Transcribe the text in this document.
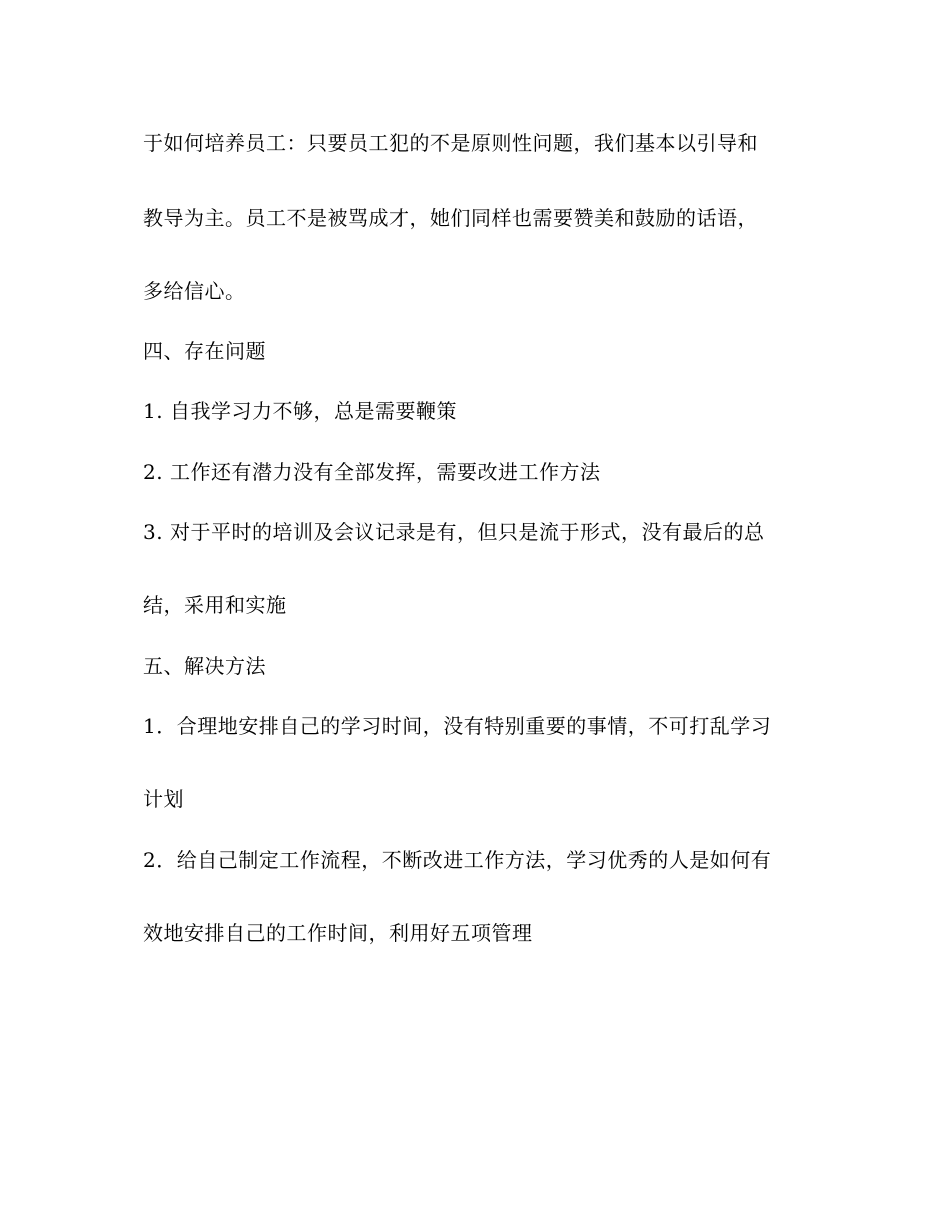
于如何培养员工：只要员工犯的不是原则性问题，我们基本以引导和
教导为主。员工不是被骂成才，她们同样也需要赞美和鼓励的话语，
多给信心。
四、存在问题
1. 自我学习力不够，总是需要鞭策
2. 工作还有潜力没有全部发挥，需要改进工作方法
3. 对于平时的培训及会议记录是有，但只是流于形式，没有最后的总
结，采用和实施
五、解决方法
1．合理地安排自己的学习时间，没有特别重要的事情，不可打乱学习
计划
2．给自己制定工作流程，不断改进工作方法，学习优秀的人是如何有
效地安排自己的工作时间，利用好五项管理
